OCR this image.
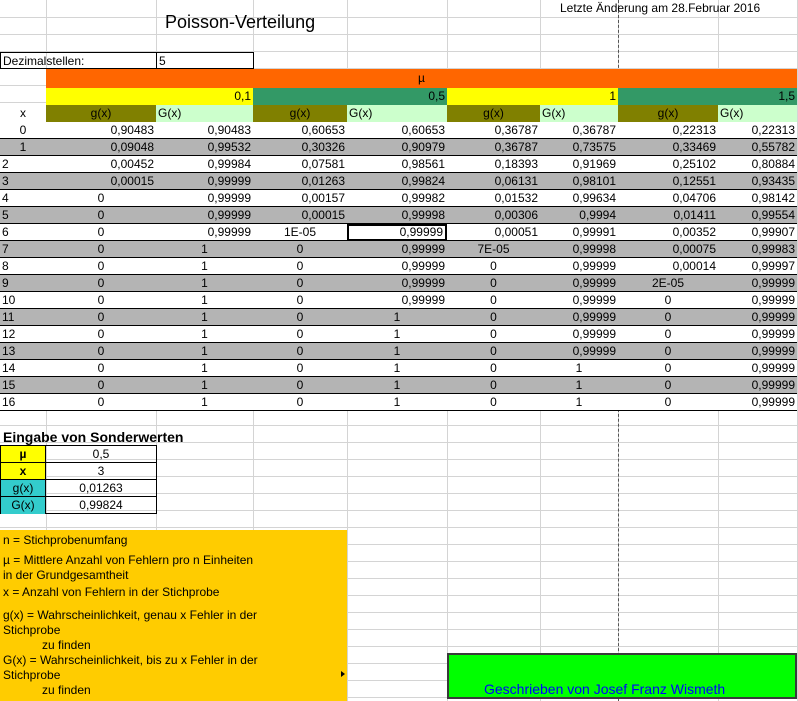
Poisson-Verteilung
Letzte Änderung am 28.Februar 2016
Dezimalstellen:	5
µ
0,1	0,5	1	1,5
x	g(x)	G(x)	g(x)	G(x)	g(x)	G(x)	g(x)	G(x)
0	0,90483	0,90483	0,60653	0,60653	0,36787	0,36787	0,22313	0,22313
1	0,09048	0,99532	0,30326	0,90979	0,36787	0,73575	0,33469	0,55782
2	0,00452	0,99984	0,07581	0,98561	0,18393	0,91969	0,25102	0,80884
3	0,00015	0,99999	0,01263	0,99824	0,06131	0,98101	0,12551	0,93435
4	0	0,99999	0,00157	0,99982	0,01532	0,99634	0,04706	0,98142
5	0	0,99999	0,00015	0,99998	0,00306	0,9994	0,01411	0,99554
6	0	0,99999	1E-05	0,99999	0,00051	0,99991	0,00352	0,99907
7	0	1	0	0,99999	7E-05	0,99998	0,00075	0,99983
8	0	1	0	0,99999	0	0,99999	0,00014	0,99997
9	0	1	0	0,99999	0	0,99999	2E-05	0,99999
10	0	1	0	0,99999	0	0,99999	0	0,99999
11	0	1	0	1	0	0,99999	0	0,99999
12	0	1	0	1	0	0,99999	0	0,99999
13	0	1	0	1	0	0,99999	0	0,99999
14	0	1	0	1	0	1	0	0,99999
15	0	1	0	1	0	1	0	0,99999
16	0	1	0	1	0	1	0	0,99999
Eingabe von Sonderwerten
µ	0,5
x	3
g(x)	0,01263
G(x)	0,99824
n = Stichprobenumfang
µ = Mittlere Anzahl von Fehlern pro n Einheiten
in der Grundgesamtheit
x = Anzahl von Fehlern in der Stichprobe
g(x) = Wahrscheinlichkeit, genau x Fehler in der
Stichprobe
zu finden
G(x) = Wahrscheinlichkeit, bis zu x Fehler in der
Stichprobe
zu finden	Geschrieben von Josef Franz Wismeth
